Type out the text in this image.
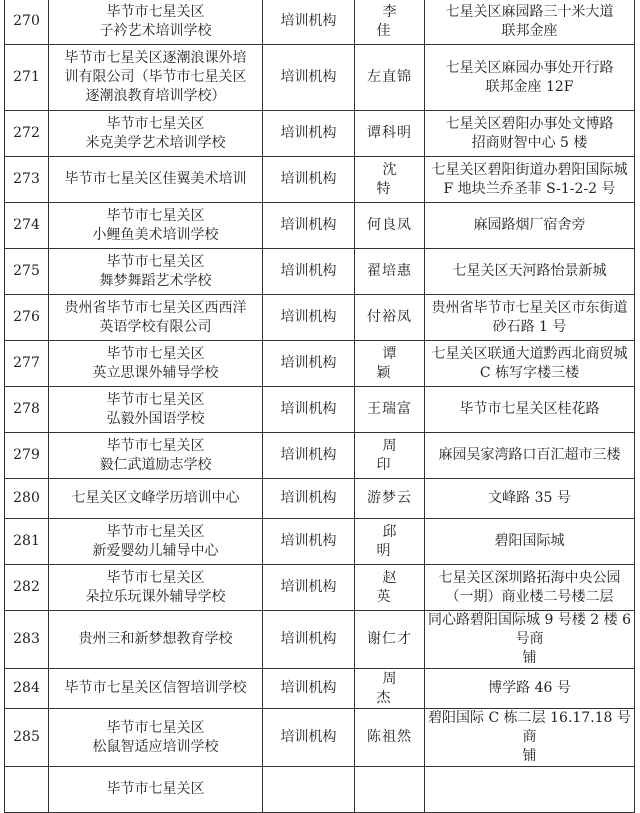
270	毕节市七星关区
子衿艺术培训学校	培训机构	李佳	七星关区麻园路三十米大道
联邦金座
271	毕节市七星关区逐潮浪课外培
训有限公司（毕节市七星关区
逐潮浪教育培训学校）	培训机构	左直锦	七星关区麻园办事处开行路
联邦金座 12F
272	毕节市七星关区
米克美学艺术培训学校	培训机构	谭科明	七星关区碧阳办事处文博路
招商财智中心 5 楼
273	毕节市七星关区佳翼美术培训	培训机构	沈特	七星关区碧阳街道办碧阳国际城
F 地块兰乔圣菲 S-1-2-2 号
274	毕节市七星关区
小鲤鱼美术培训学校	培训机构	何良凤	麻园路烟厂宿舍旁
275	毕节市七星关区
舞梦舞蹈艺术学校	培训机构	翟培惠	七星关区天河路怡景新城
276	贵州省毕节市七星关区西西洋
英语学校有限公司	培训机构	付裕凤	贵州省毕节市七星关区市东街道
砂石路 1 号
277	毕节市七星关区
英立思课外辅导学校	培训机构	谭颖	七星关区联通大道黔西北商贸城
C 栋写字楼三楼
278	毕节市七星关区
弘毅外国语学校	培训机构	王瑞富	毕节市七星关区桂花路
279	毕节市七星关区
毅仁武道励志学校	培训机构	周印	麻园吴家湾路口百汇超市三楼
280	七星关区文峰学历培训中心	培训机构	游梦云	文峰路 35 号
281	毕节市七星关区
新爱婴幼儿辅导中心	培训机构	邱明	碧阳国际城
282	毕节市七星关区
朵拉乐玩课外辅导学校	培训机构	赵英	七星关区深圳路拓海中央公园
（一期）商业楼二号楼二层
283	贵州三和新梦想教育学校	培训机构	谢仁才	同心路碧阳国际城 9 号楼 2 楼 6 号商
铺
284	毕节市七星关区信智培训学校	培训机构	周杰	博学路 46 号
285	毕节市七星关区
松鼠智适应培训学校	培训机构	陈祖然	碧阳国际 C 栋二层 16.17.18 号商
铺
	毕节市七星关区			
